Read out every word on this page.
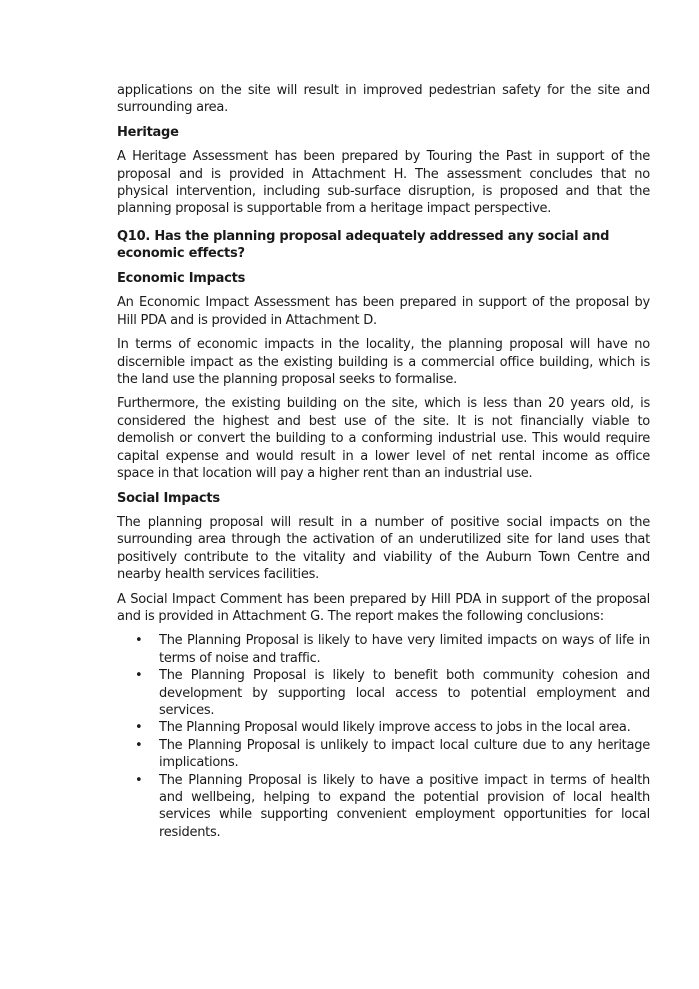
applications on the site will result in improved pedestrian safety for the site and surrounding area.

Heritage

A Heritage Assessment has been prepared by Touring the Past in support of the proposal and is provided in Attachment H. The assessment concludes that no physical intervention, including sub-surface disruption, is proposed and that the planning proposal is supportable from a heritage impact perspective.

Q10. Has the planning proposal adequately addressed any social and economic effects?
Economic Impacts

An Economic Impact Assessment has been prepared in support of the proposal by Hill PDA and is provided in Attachment D.

In terms of economic impacts in the locality, the planning proposal will have no discernible impact as the existing building is a commercial office building, which is the land use the planning proposal seeks to formalise.

Furthermore, the existing building on the site, which is less than 20 years old, is considered the highest and best use of the site. It is not financially viable to demolish or convert the building to a conforming industrial use. This would require capital expense and would result in a lower level of net rental income as office space in that location will pay a higher rent than an industrial use.

Social Impacts

The planning proposal will result in a number of positive social impacts on the surrounding area through the activation of an underutilized site for land uses that positively contribute to the vitality and viability of the Auburn Town Centre and nearby health services facilities.

A Social Impact Comment has been prepared by Hill PDA in support of the proposal and is provided in Attachment G. The report makes the following conclusions:

• The Planning Proposal is likely to have very limited impacts on ways of life in terms of noise and traffic.
• The Planning Proposal is likely to benefit both community cohesion and development by supporting local access to potential employment and services.
• The Planning Proposal would likely improve access to jobs in the local area.
• The Planning Proposal is unlikely to impact local culture due to any heritage implications.
• The Planning Proposal is likely to have a positive impact in terms of health and wellbeing, helping to expand the potential provision of local health services while supporting convenient employment opportunities for local residents.
